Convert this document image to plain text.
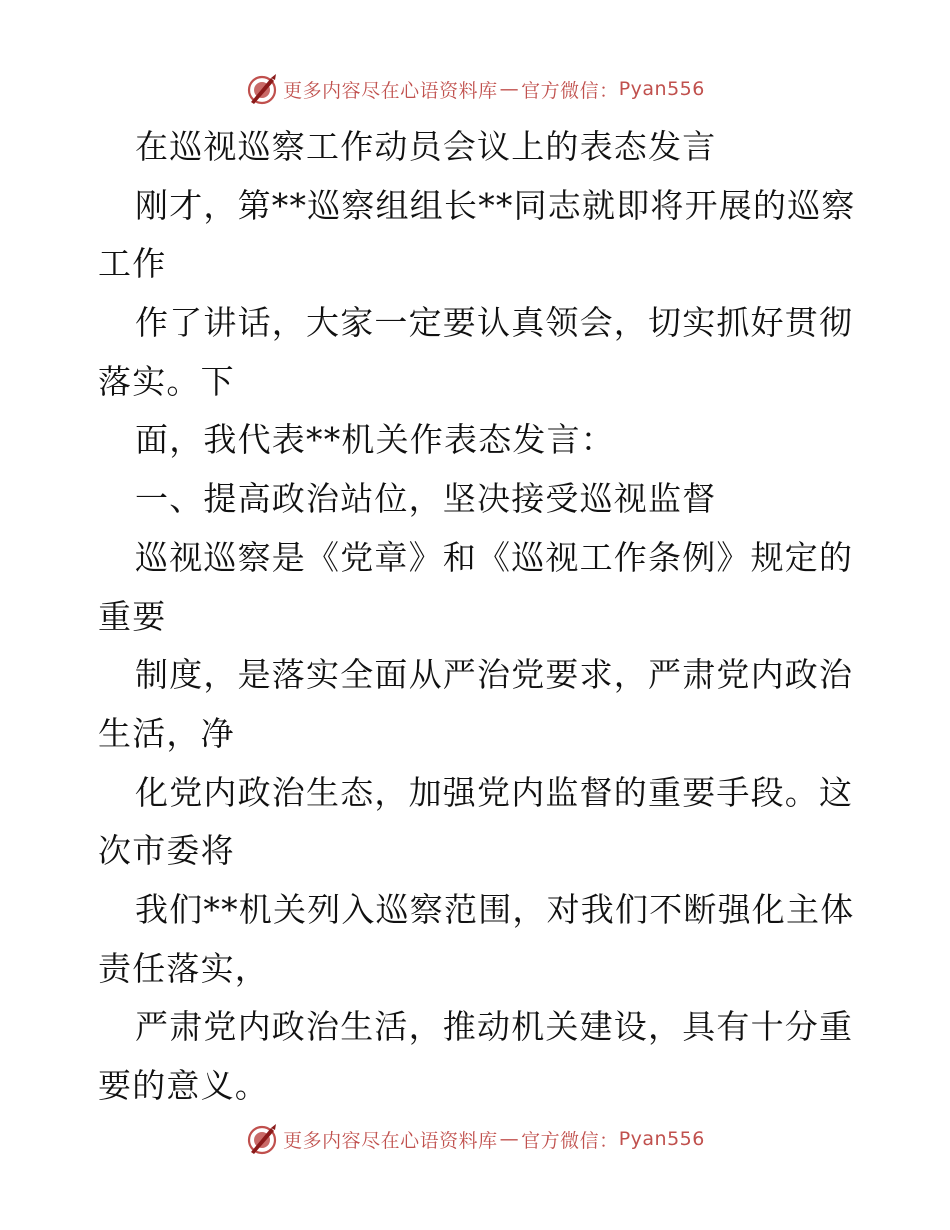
更多内容尽在心语资料库 — 官方微信： Pyan556
在巡视巡察工作动员会议上的表态发言
刚才，第**巡察组组长**同志就即将开展的巡察
工作
作了讲话，大家一定要认真领会，切实抓好贯彻
落实。下
面，我代表**机关作表态发言：
一、提高政治站位，坚决接受巡视监督
巡视巡察是《党章》和《巡视工作条例》规定的
重要
制度，是落实全面从严治党要求，严肃党内政治
生活，净
化党内政治生态，加强党内监督的重要手段。这
次市委将
我们**机关列入巡察范围，对我们不断强化主体
责任落实，
严肃党内政治生活，推动机关建设，具有十分重
要的意义。
更多内容尽在心语资料库 — 官方微信： Pyan556
